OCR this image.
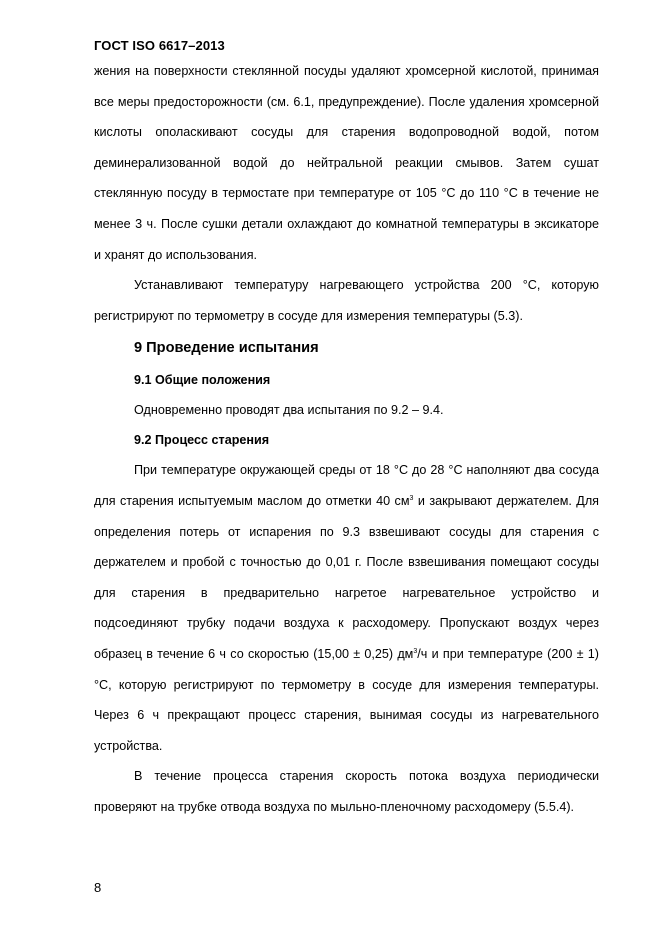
ГОСТ ISO 6617–2013

жения на поверхности стеклянной посуды удаляют хромсерной кислотой, принимая все меры предосторожности (см. 6.1, предупреждение). После удаления хромсерной кислоты ополаскивают сосуды для старения водопроводной водой, потом деминерализованной водой до нейтральной реакции смывов. Затем сушат стеклянную посуду в термостате при температуре от 105 °С до 110 °С в течение не менее 3 ч. После сушки детали охлаждают до комнатной температуры в эксикаторе и хранят до использования.

Устанавливают температуру нагревающего устройства 200 °С, которую регистрируют по термометру в сосуде для измерения температуры (5.3).

9 Проведение испытания

9.1 Общие положения

Одновременно проводят два испытания по 9.2 – 9.4.

9.2 Процесс старения

При температуре окружающей среды от 18 °С до 28 °С наполняют два сосуда для старения испытуемым маслом до отметки 40 $см^3$ и закрывают держателем. Для определения потерь от испарения по 9.3 взвешивают сосуды для старения с держателем и пробой с точностью до 0,01 г. После взвешивания помещают сосуды для старения в предварительно нагретое нагревательное устройство и подсоединяют трубку подачи воздуха к расходомеру. Пропускают воздух через образец в течение 6 ч со скоростью (15,00 ± 0,25) $дм^3/ч$ и при температуре (200 ± 1) °С, которую регистрируют по термометру в сосуде для измерения температуры. Через 6 ч прекращают процесс старения, вынимая сосуды из нагревательного устройства.

В течение процесса старения скорость потока воздуха периодически проверяют на трубке отвода воздуха по мыльно-пленочному расходомеру (5.5.4).

8
